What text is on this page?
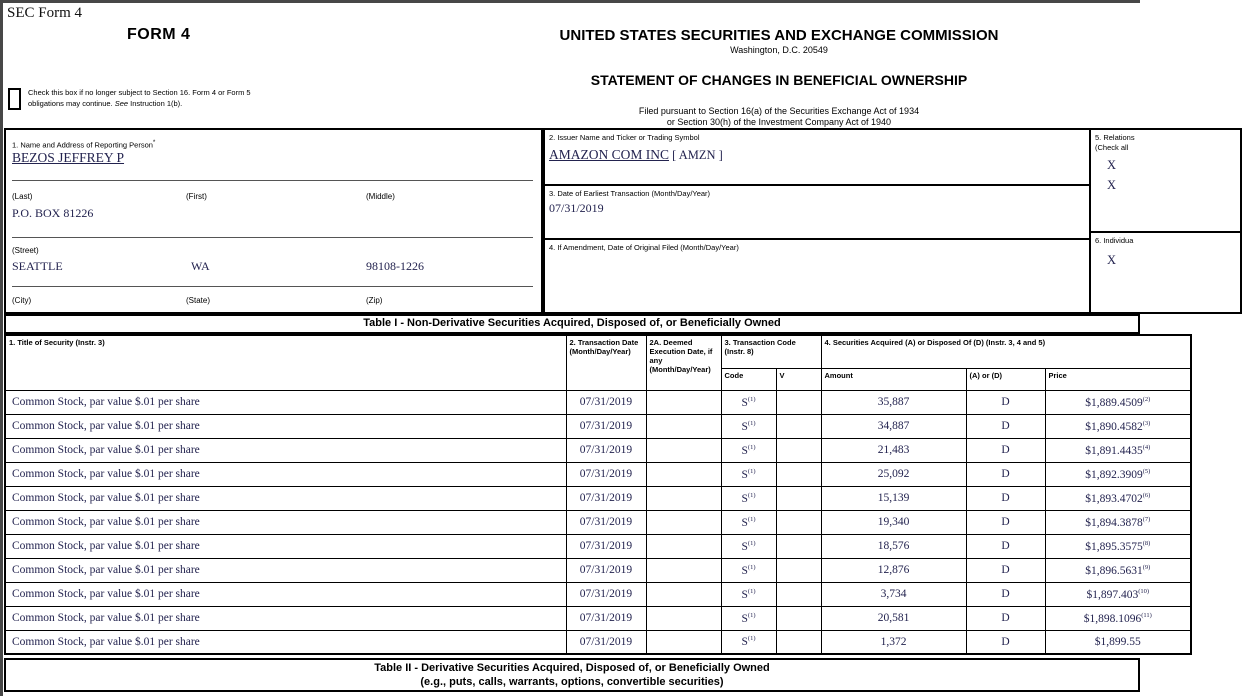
SEC Form 4
FORM 4	UNITED STATES SECURITIES AND EXCHANGE COMMISSION
Washington, D.C. 20549
STATEMENT OF CHANGES IN BENEFICIAL OWNERSHIP
Filed pursuant to Section 16(a) of the Securities Exchange Act of 1934
or Section 30(h) of the Investment Company Act of 1940
Check this box if no longer subject to Section 16. Form 4 or Form 5 obligations may continue. See Instruction 1(b).
1. Name and Address of Reporting Person*
BEZOS JEFFREY P
(Last)	(First)	(Middle)
P.O. BOX 81226
(Street)
SEATTLE	WA	98108-1226
(City)	(State)	(Zip)
2. Issuer Name and Ticker or Trading Symbol
AMAZON COM INC [ AMZN ]
3. Date of Earliest Transaction (Month/Day/Year)
07/31/2019
4. If Amendment, Date of Original Filed (Month/Day/Year)
5. Relations
(Check all
X
X
6. Individua
X
Table I - Non-Derivative Securities Acquired, Disposed of, or Beneficially Owned
1. Title of Security (Instr. 3)	2. Transaction Date (Month/Day/Year)	2A. Deemed Execution Date, if any (Month/Day/Year)	3. Transaction Code (Instr. 8)		4. Securities Acquired (A) or Disposed Of (D) (Instr. 3, 4 and 5)		
			Code	V	Amount	(A) or (D)	Price
Common Stock, par value $.01 per share	07/31/2019		S$^{(1)}$		35,887	D	$1,889.4509$^{(2)}$
Common Stock, par value $.01 per share	07/31/2019		S$^{(1)}$		34,887	D	$1,890.4582$^{(3)}$
Common Stock, par value $.01 per share	07/31/2019		S$^{(1)}$		21,483	D	$1,891.4435$^{(4)}$
Common Stock, par value $.01 per share	07/31/2019		S$^{(1)}$		25,092	D	$1,892.3909$^{(5)}$
Common Stock, par value $.01 per share	07/31/2019		S$^{(1)}$		15,139	D	$1,893.4702$^{(6)}$
Common Stock, par value $.01 per share	07/31/2019		S$^{(1)}$		19,340	D	$1,894.3878$^{(7)}$
Common Stock, par value $.01 per share	07/31/2019		S$^{(1)}$		18,576	D	$1,895.3575$^{(8)}$
Common Stock, par value $.01 per share	07/31/2019		S$^{(1)}$		12,876	D	$1,896.5631$^{(9)}$
Common Stock, par value $.01 per share	07/31/2019		S$^{(1)}$		3,734	D	$1,897.403$^{(10)}$
Common Stock, par value $.01 per share	07/31/2019		S$^{(1)}$		20,581	D	$1,898.1096$^{(11)}$
Common Stock, par value $.01 per share	07/31/2019		S$^{(1)}$		1,372	D	$1,899.55
Table II - Derivative Securities Acquired, Disposed of, or Beneficially Owned
(e.g., puts, calls, warrants, options, convertible securities)
